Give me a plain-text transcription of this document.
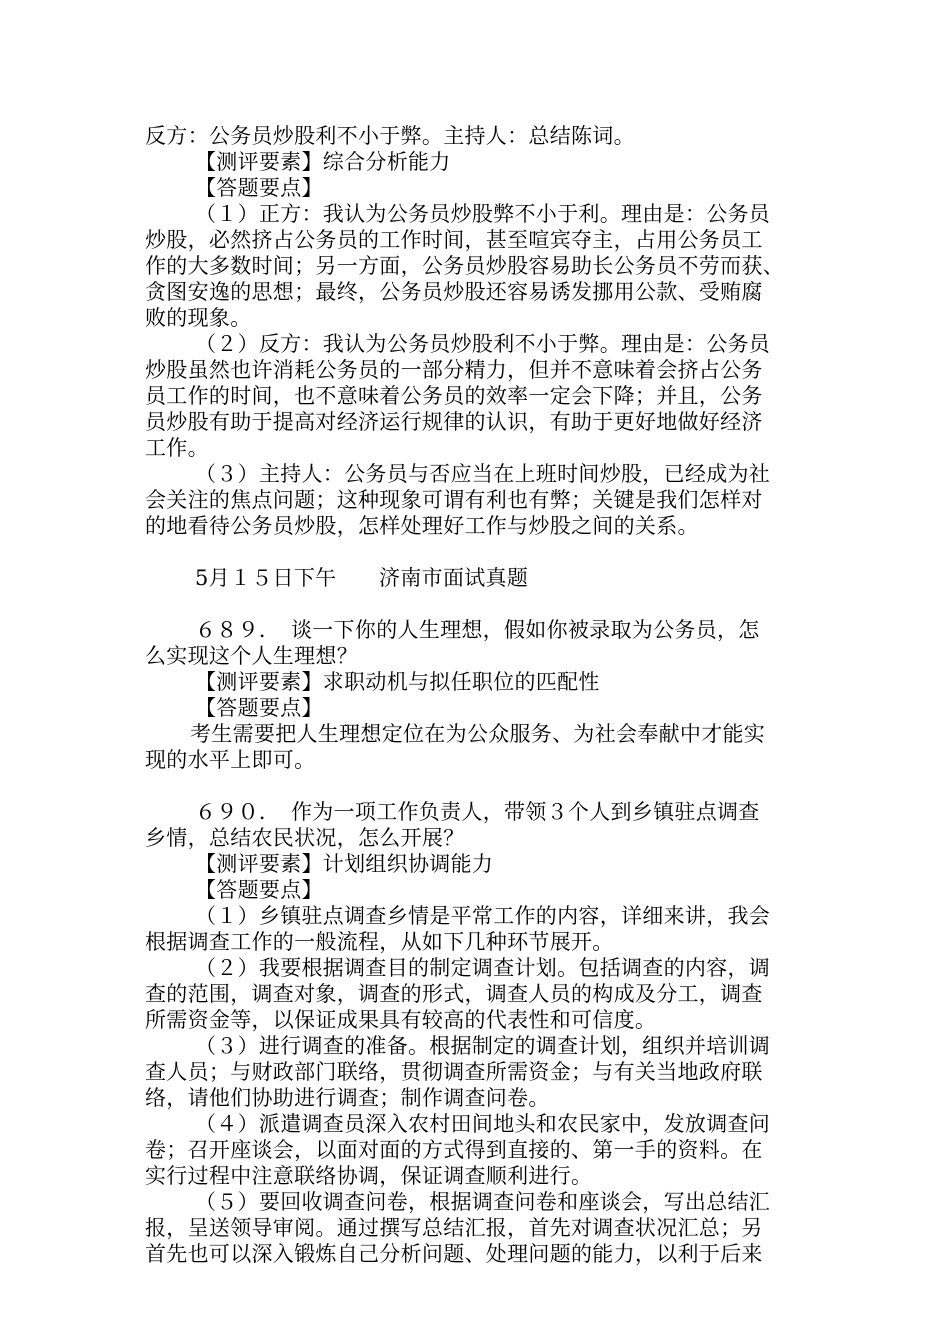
反方：公务员炒股利不小于弊。主持人：总结陈词。
【测评要素】综合分析能力
【答题要点】
（１）正方：我认为公务员炒股弊不小于利。理由是：公务员
炒股，必然挤占公务员的工作时间，甚至喧宾夺主，占用公务员工
作的大多数时间；另一方面，公务员炒股容易助长公务员不劳而获、
贪图安逸的思想；最终，公务员炒股还容易诱发挪用公款、受贿腐
败的现象。
（２）反方：我认为公务员炒股利不小于弊。理由是：公务员
炒股虽然也许消耗公务员的一部分精力，但并不意味着会挤占公务
员工作的时间，也不意味着公务员的效率一定会下降；并且，公务
员炒股有助于提高对经济运行规律的认识，有助于更好地做好经济
工作。
（３）主持人：公务员与否应当在上班时间炒股，已经成为社
会关注的焦点问题；这种现象可谓有利也有弊；关键是我们怎样对
的地看待公务员炒股，怎样处理好工作与炒股之间的关系。
5月１５日下午　　济南市面试真题
６８９．　谈一下你的人生理想，假如你被录取为公务员，怎
么实现这个人生理想？
【测评要素】求职动机与拟任职位的匹配性
【答题要点】
考生需要把人生理想定位在为公众服务、为社会奉献中才能实
现的水平上即可。
６９０．　作为一项工作负责人，带领３个人到乡镇驻点调查
乡情，总结农民状况，怎么开展？
【测评要素】计划组织协调能力
【答题要点】
（１）乡镇驻点调查乡情是平常工作的内容，详细来讲，我会
根据调查工作的一般流程，从如下几种环节展开。
（２）我要根据调查目的制定调查计划。包括调查的内容，调
查的范围，调查对象，调查的形式，调查人员的构成及分工，调查
所需资金等，以保证成果具有较高的代表性和可信度。
（３）进行调查的准备。根据制定的调查计划，组织并培训调
查人员；与财政部门联络，贯彻调查所需资金；与有关当地政府联
络，请他们协助进行调查；制作调查问卷。
（４）派遣调查员深入农村田间地头和农民家中，发放调查问
卷；召开座谈会，以面对面的方式得到直接的、第一手的资料。在
实行过程中注意联络协调，保证调查顺利进行。
（５）要回收调查问卷，根据调查问卷和座谈会，写出总结汇
报，呈送领导审阅。通过撰写总结汇报，首先对调查状况汇总；另
首先也可以深入锻炼自己分析问题、处理问题的能力，以利于后来
